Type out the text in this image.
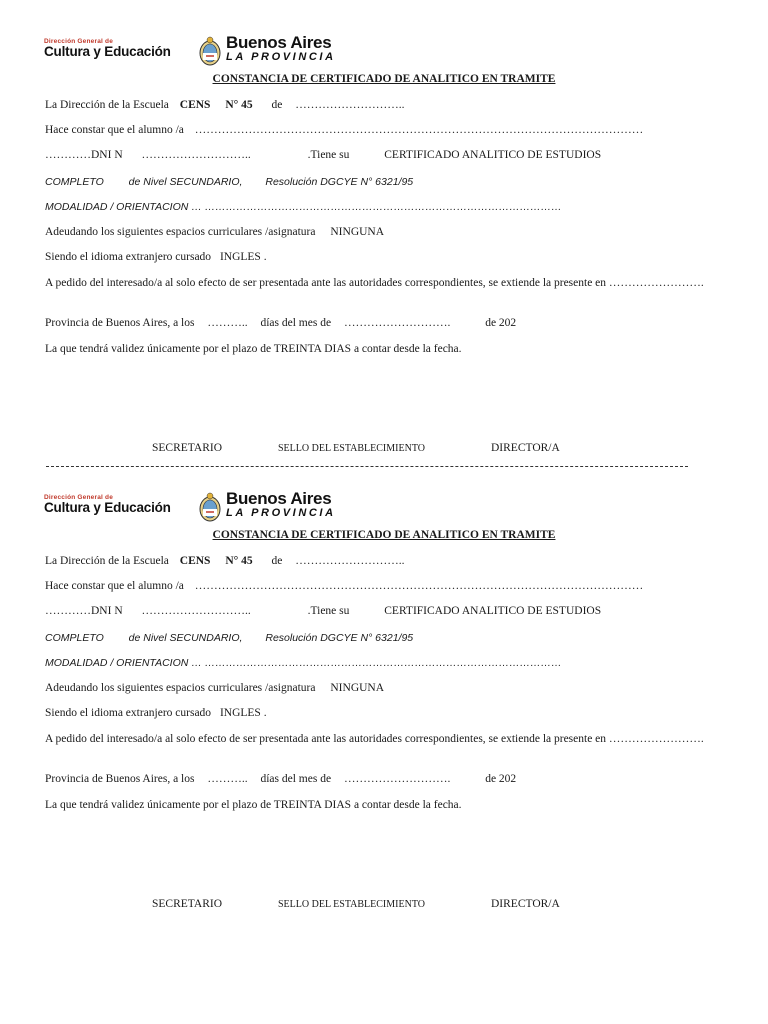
Dirección General de
Cultura y Educación	Buenos Aires
LA PROVINCIA
CONSTANCIA DE CERTIFICADO DE ANALITICO EN TRAMITE
La Dirección de la Escuela CENS N° 45 de ………………………..
Hace constar que el alumno /a ………………………………………………………………………………………………………
…………DNI N ………………………..	.Tiene su	CERTIFICADO ANALITICO DE ESTUDIOS
COMPLETO de Nivel SECUNDARIO, Resolución DGCYE N° 6321/95
MODALIDAD / ORIENTACION … …………………………………………………………………………………………
Adeudando los siguientes espacios curriculares /asignatura NINGUNA
Siendo el idioma extranjero cursado INGLES .
A pedido del interesado/a al solo efecto de ser presentada ante las autoridades correspondientes, se extiende la presente en …………………….
Provincia de Buenos Aires, a los ……….. días del mes de ……………………….	de 202
La que tendrá validez únicamente por el plazo de TREINTA DIAS a contar desde la fecha.
SECRETARIO	SELLO DEL ESTABLECIMIENTO	DIRECTOR/A
Dirección General de
Cultura y Educación	Buenos Aires
LA PROVINCIA
CONSTANCIA DE CERTIFICADO DE ANALITICO EN TRAMITE
La Dirección de la Escuela CENS N° 45 de ………………………..
Hace constar que el alumno /a ………………………………………………………………………………………………………
…………DNI N ………………………..	.Tiene su	CERTIFICADO ANALITICO DE ESTUDIOS
COMPLETO de Nivel SECUNDARIO, Resolución DGCYE N° 6321/95
MODALIDAD / ORIENTACION … …………………………………………………………………………………………
Adeudando los siguientes espacios curriculares /asignatura NINGUNA
Siendo el idioma extranjero cursado INGLES .
A pedido del interesado/a al solo efecto de ser presentada ante las autoridades correspondientes, se extiende la presente en …………………….
Provincia de Buenos Aires, a los ……….. días del mes de ……………………….	de 202
La que tendrá validez únicamente por el plazo de TREINTA DIAS a contar desde la fecha.
SECRETARIO	SELLO DEL ESTABLECIMIENTO	DIRECTOR/A
